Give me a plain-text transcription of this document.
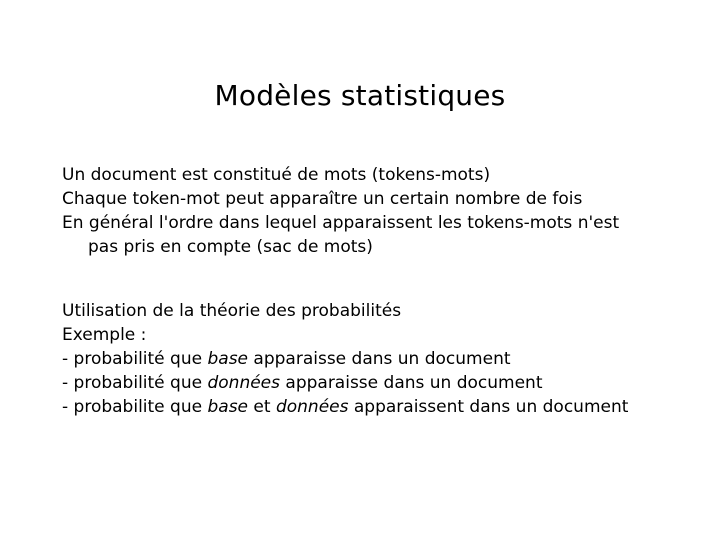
Modèles statistiques
Un document est constitué de mots (tokens-mots)
Chaque token-mot peut apparaître un certain nombre de fois
En général l'ordre dans lequel apparaissent les tokens-mots n'est
pas pris en compte (sac de mots)
Utilisation de la théorie des probabilités
Exemple :
- probabilité que base apparaisse dans un document
- probabilité que données apparaisse dans un document
- probabilite que base et données apparaissent dans un document
